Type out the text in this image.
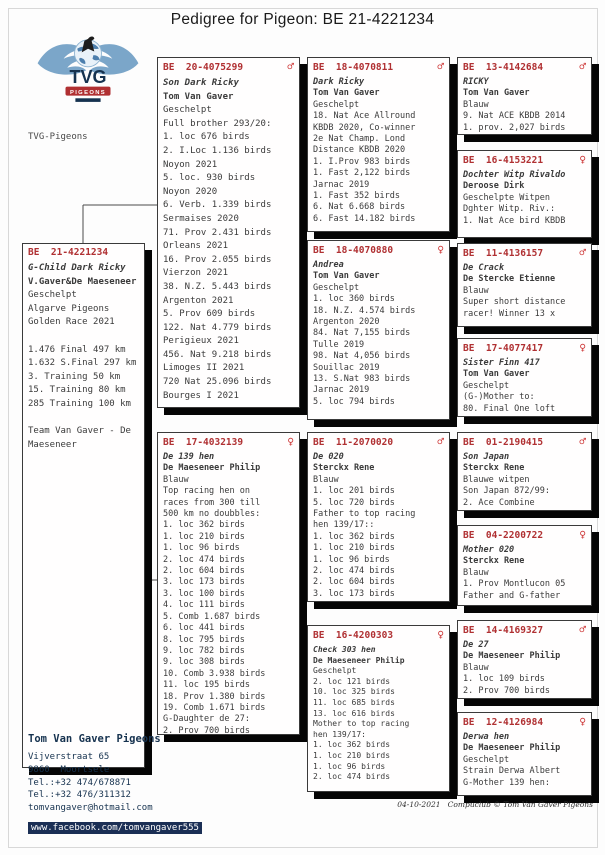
Pedigree for Pigeon: BE 21-4221234
TVG
PIGEONS
TVG-Pigeons
BE  21-4221234
G-Child Dark Ricky
V.Gaver&De Maeseneer
Geschelpt
Algarve Pigeons
Golden Race 2021

1.476 Final 497 km
1.632 S.Final 297 km
3. Training 50 km
15. Training 80 km
285 Training 100 km

Team Van Gaver - De
Maeseneer
BE  20-4075299	♂
Son Dark Ricky
Tom Van Gaver
Geschelpt
Full brother 293/20:
1. loc 676 birds
2. I.Loc 1.136 birds
Noyon 2021
5. loc. 930 birds
Noyon 2020
6. Verb. 1.339 birds
Sermaises 2020
71. Prov 2.431 birds
Orleans 2021
16. Prov 2.055 birds
Vierzon 2021
38. N.Z. 5.443 birds
Argenton 2021
5. Prov 609 birds
122. Nat 4.779 birds
Perigieux 2021
456. Nat 9.218 birds
Limoges II 2021
720 Nat 25.096 birds
Bourges I 2021
BE  17-4032139	♀
De 139 hen
De Maeseneer Philip
Blauw
Top racing hen on
races from 300 till
500 km no doubbles:
1. loc 362 birds
1. loc 210 birds
1. loc 96 birds
2. loc 474 birds
2. loc 604 birds
3. loc 173 birds
3. loc 100 birds
4. loc 111 birds
5. Comb 1.687 birds
6. loc 441 birds
8. loc 795 birds
9. loc 782 birds
9. loc 308 birds
10. Comb 3.938 birds
11. loc 195 birds
18. Prov 1.380 birds
19. Comb 1.671 birds
G-Daughter de 27:
2. Prov 700 birds
BE  18-4070811	♂
Dark Ricky
Tom Van Gaver
Geschelpt
18. Nat Ace Allround
KBDB 2020, Co-winner
2e Nat Champ. Lond
Distance KBDB 2020
1. I.Prov 983 birds
1. Fast 2,122 birds
Jarnac 2019
1. Fast 352 birds
6. Nat 6.668 birds
6. Fast 14.182 birds
BE  18-4070880	♀
Andrea
Tom Van Gaver
Geschelpt
1. loc 360 birds
18. N.Z. 4.574 birds
Argenton 2020
84. Nat 7,155 birds
Tulle 2019
98. Nat 4,056 birds
Souillac 2019
13. S.Nat 983 birds
Jarnac 2019
5. loc 794 birds
BE  11-2070020	♂
De 020
Sterckx Rene
Blauw
1. loc 201 birds
5. loc 720 birds
Father to top racing
hen 139/17::
1. loc 362 birds
1. loc 210 birds
1. loc 96 birds
2. loc 474 birds
2. loc 604 birds
3. loc 173 birds
BE  16-4200303	♀
Check 303 hen
De Maeseneer Philip
Geschelpt
2. loc 121 birds
10. loc 325 birds
11. loc 685 birds
13. loc 616 birds
Mother to top racing
hen 139/17:
1. loc 362 birds
1. loc 210 birds
1. loc 96 birds
2. loc 474 birds
BE  13-4142684	♂
RICKY
Tom Van Gaver
Blauw
9. Nat ACE KBDB 2014
1. prov. 2,027 birds
BE  16-4153221	♀
Dochter Witp Rivaldo
Deroose Dirk
Geschelpte Witpen
Dghter Witp. Riv.:
1. Nat Ace bird KBDB
BE  11-4136157	♂
De Crack
De Stercke Etienne
Blauw
Super short distance
racer! Winner 13 x
BE  17-4077417	♀
Sister Finn 417
Tom Van Gaver
Geschelpt
(G-)Mother to:
80. Final One loft
BE  01-2190415	♂
Son Japan
Sterckx Rene
Blauwe witpen
Son Japan 872/99:
2. Ace Combine
BE  04-2200722	♀
Mother 020
Sterckx Rene
Blauw
1. Prov Montlucon 05
Father and G-father
BE  14-4169327	♂
De 27
De Maeseneer Philip
Blauw
1. loc 109 birds
2. Prov 700 birds
BE  12-4126984	♀
Derwa hen
De Maeseneer Philip
Geschelpt
Strain Derwa Albert
G-Mother 139 hen:
Tom Van Gaver Pigeons
Vijverstraat 65
9860  Moortsele
Tel.:+32 474/678871
Tel.:+32 476/311312
tomvangaver@hotmail.com
www.facebook.com/tomvangaver555
04-10-2021   Compuclub © Tom Van Gaver Pigeons
